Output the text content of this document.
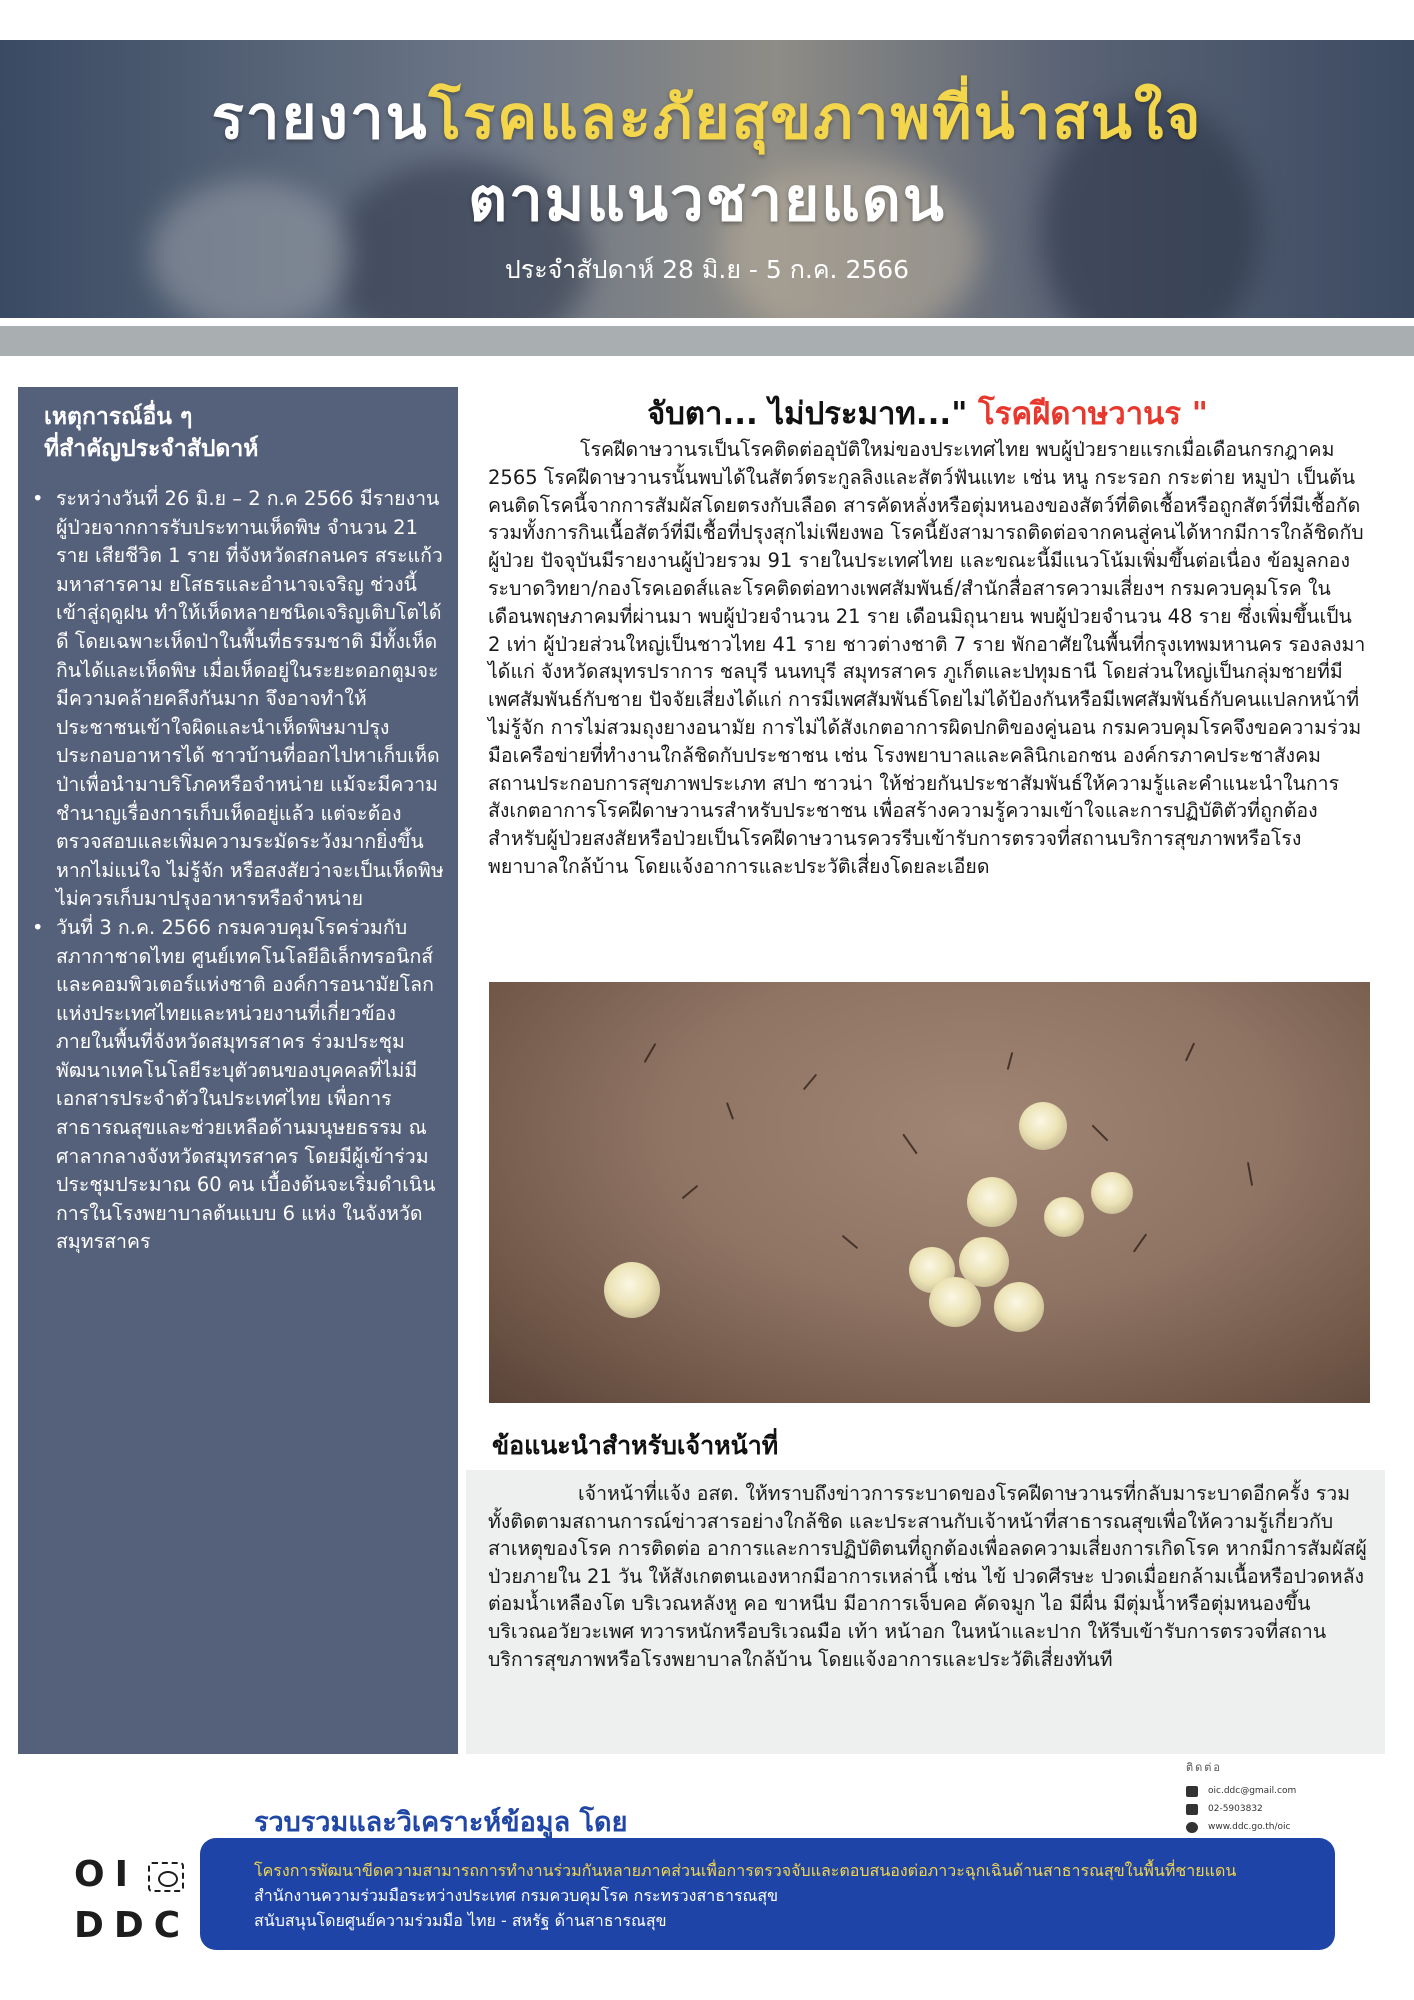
รายงานโรคและภัยสุขภาพที่น่าสนใจ
ตามแนวชายแดน
ประจำสัปดาห์ 28 มิ.ย - 5 ก.ค. 2566
เหตุการณ์อื่น ๆ
ที่สำคัญประจำสัปดาห์
• ระหว่างวันที่ 26 มิ.ย – 2 ก.ค 2566 มีรายงานผู้ป่วยจากการรับประทานเห็ดพิษ จำนวน 21 ราย เสียชีวิต 1 ราย ที่จังหวัดสกลนคร สระแก้ว มหาสารคาม ยโสธรและอำนาจเจริญ ช่วงนี้เข้าสู่ฤดูฝน ทำให้เห็ดหลายชนิดเจริญเติบโตได้ดี โดยเฉพาะเห็ดป่าในพื้นที่ธรรมชาติ มีทั้งเห็ดกินได้และเห็ดพิษ เมื่อเห็ดอยู่ในระยะดอกตูมจะมีความคล้ายคลึงกันมาก จึงอาจทำให้ประชาชนเข้าใจผิดและนำเห็ดพิษมาปรุงประกอบอาหารได้ ชาวบ้านที่ออกไปหาเก็บเห็ดป่าเพื่อนำมาบริโภคหรือจำหน่าย แม้จะมีความชำนาญเรื่องการเก็บเห็ดอยู่แล้ว แต่จะต้องตรวจสอบและเพิ่มความระมัดระวังมากยิ่งขึ้น หากไม่แน่ใจ ไม่รู้จัก หรือสงสัยว่าจะเป็นเห็ดพิษ ไม่ควรเก็บมาปรุงอาหารหรือจำหน่าย
• วันที่ 3 ก.ค. 2566 กรมควบคุมโรคร่วมกับสภากาชาดไทย ศูนย์เทคโนโลยีอิเล็กทรอนิกส์และคอมพิวเตอร์แห่งชาติ องค์การอนามัยโลกแห่งประเทศไทยและหน่วยงานที่เกี่ยวข้อง ภายในพื้นที่จังหวัดสมุทรสาคร ร่วมประชุมพัฒนาเทคโนโลยีระบุตัวตนของบุคคลที่ไม่มีเอกสารประจำตัวในประเทศไทย เพื่อการสาธารณสุขและช่วยเหลือด้านมนุษยธรรม ณ ศาลากลางจังหวัดสมุทรสาคร โดยมีผู้เข้าร่วมประชุมประมาณ 60 คน เบื้องต้นจะเริ่มดำเนินการในโรงพยาบาลต้นแบบ 6 แห่ง ในจังหวัดสมุทรสาคร
จับตา... ไม่ประมาท..." โรคฝีดาษวานร "
โรคฝีดาษวานรเป็นโรคติดต่ออุบัติใหม่ของประเทศไทย พบผู้ป่วยรายแรกเมื่อเดือนกรกฎาคม 2565 โรคฝีดาษวานรนั้นพบได้ในสัตว์ตระกูลลิงและสัตว์ฟันแทะ เช่น หนู กระรอก กระต่าย หมูป่า เป็นต้น คนติดโรคนี้จากการสัมผัสโดยตรงกับเลือด สารคัดหลั่งหรือตุ่มหนองของสัตว์ที่ติดเชื้อหรือถูกสัตว์ที่มีเชื้อกัด รวมทั้งการกินเนื้อสัตว์ที่มีเชื้อที่ปรุงสุกไม่เพียงพอ โรคนี้ยังสามารถติดต่อจากคนสู่คนได้หากมีการใกล้ชิดกับผู้ป่วย ปัจจุบันมีรายงานผู้ป่วยรวม 91 รายในประเทศไทย และขณะนี้มีแนวโน้มเพิ่มขึ้นต่อเนื่อง ข้อมูลกองระบาดวิทยา/กองโรคเอดส์และโรคติดต่อทางเพศสัมพันธ์/สำนักสื่อสารความเสี่ยงฯ กรมควบคุมโรค ในเดือนพฤษภาคมที่ผ่านมา พบผู้ป่วยจำนวน 21 ราย เดือนมิถุนายน พบผู้ป่วยจำนวน 48 ราย ซึ่งเพิ่มขึ้นเป็น 2 เท่า ผู้ป่วยส่วนใหญ่เป็นชาวไทย 41 ราย ชาวต่างชาติ 7 ราย พักอาศัยในพื้นที่กรุงเทพมหานคร รองลงมาได้แก่ จังหวัดสมุทรปราการ ชลบุรี นนทบุรี สมุทรสาคร ภูเก็ตและปทุมธานี โดยส่วนใหญ่เป็นกลุ่มชายที่มีเพศสัมพันธ์กับชาย ปัจจัยเสี่ยงได้แก่ การมีเพศสัมพันธ์โดยไม่ได้ป้องกันหรือมีเพศสัมพันธ์กับคนแปลกหน้าที่ไม่รู้จัก การไม่สวมถุงยางอนามัย การไม่ได้สังเกตอาการผิดปกติของคู่นอน กรมควบคุมโรคจึงขอความร่วมมือเครือข่ายที่ทำงานใกล้ชิดกับประชาชน เช่น โรงพยาบาลและคลินิกเอกชน องค์กรภาคประชาสังคม สถานประกอบการสุขภาพประเภท สปา ซาวน่า ให้ช่วยกันประชาสัมพันธ์ให้ความรู้และคำแนะนำในการสังเกตอาการโรคฝีดาษวานรสำหรับประชาชน เพื่อสร้างความรู้ความเข้าใจและการปฏิบัติตัวที่ถูกต้อง สำหรับผู้ป่วยสงสัยหรือป่วยเป็นโรคฝีดาษวานรควรรีบเข้ารับการตรวจที่สถานบริการสุขภาพหรือโรงพยาบาลใกล้บ้าน โดยแจ้งอาการและประวัติเสี่ยงโดยละเอียด
ข้อแนะนำสำหรับเจ้าหน้าที่
เจ้าหน้าที่แจ้ง อสต. ให้ทราบถึงข่าวการระบาดของโรคฝีดาษวานรที่กลับมาระบาดอีกครั้ง รวมทั้งติดตามสถานการณ์ข่าวสารอย่างใกล้ชิด และประสานกับเจ้าหน้าที่สาธารณสุขเพื่อให้ความรู้เกี่ยวกับสาเหตุของโรค การติดต่อ อาการและการปฏิบัติตนที่ถูกต้องเพื่อลดความเสี่ยงการเกิดโรค หากมีการสัมผัสผู้ป่วยภายใน 21 วัน ให้สังเกตตนเองหากมีอาการเหล่านี้ เช่น ไข้ ปวดศีรษะ ปวดเมื่อยกล้ามเนื้อหรือปวดหลัง ต่อมน้ำเหลืองโต บริเวณหลังหู คอ ขาหนีบ มีอาการเจ็บคอ คัดจมูก ไอ มีผื่น มีตุ่มน้ำหรือตุ่มหนองขึ้นบริเวณอวัยวะเพศ ทวารหนักหรือบริเวณมือ เท้า หน้าอก ในหน้าและปาก ให้รีบเข้ารับการตรวจที่สถานบริการสุขภาพหรือโรงพยาบาลใกล้บ้าน โดยแจ้งอาการและประวัติเสี่ยงทันที
ติดต่อ
oic.ddc@gmail.com
02-5903832
www.ddc.go.th/oic
รวบรวมและวิเคราะห์ข้อมูล โดย
โครงการพัฒนาขีดความสามารถการทำงานร่วมกันหลายภาคส่วนเพื่อการตรวจจับและตอบสนองต่อภาวะฉุกเฉินด้านสาธารณสุขในพื้นที่ชายแดน
สำนักงานความร่วมมือระหว่างประเทศ กรมควบคุมโรค กระทรวงสาธารณสุข
สนับสนุนโดยศูนย์ความร่วมมือ ไทย - สหรัฐ ด้านสาธารณสุข
OI
DDC
